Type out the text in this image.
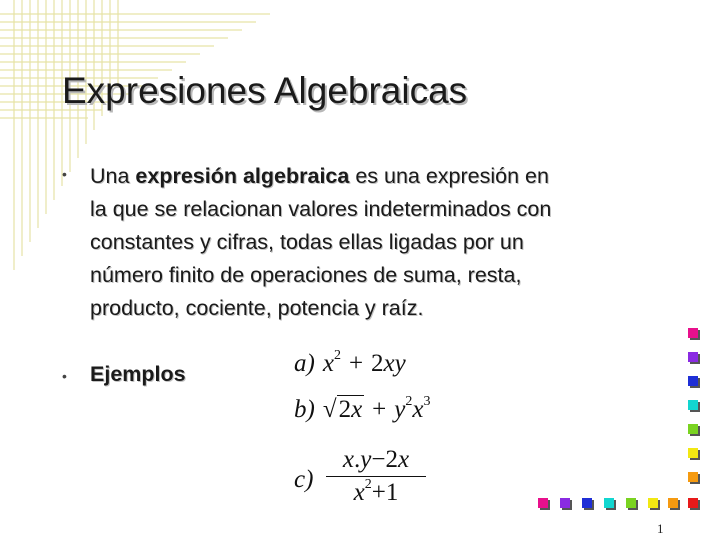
Expresiones Algebraicas
• Una expresión algebraica es una expresión en
la que se relacionan valores indeterminados con
constantes y cifras, todas ellas ligadas por un
número finito de operaciones de suma, resta,
producto, cociente, potencia y raíz.
• Ejemplos	a) $x^2 + 2xy$
b) $√2x + y^2x^3$
c)
x.y−2x
$x^2+1$
1
